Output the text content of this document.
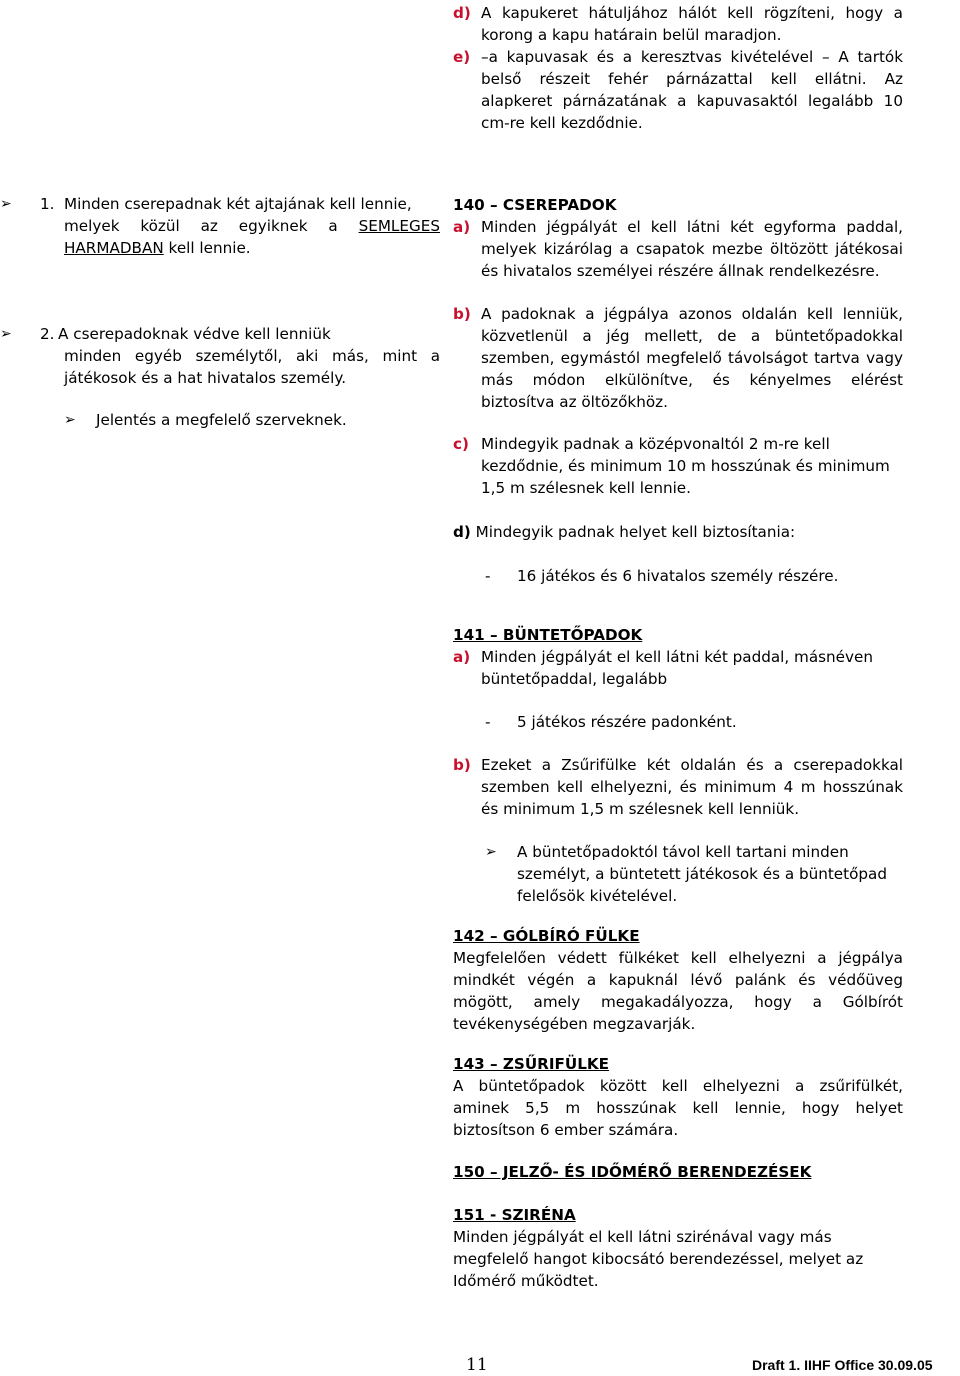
d) A kapukeret hátuljához hálót kell rögzíteni, hogy a

korong a kapu határain belül maradjon.

e) –a kapuvasak és a keresztvas kivételével – A tartók

belső részeit fehér párnázattal kell ellátni. Az

alapkeret párnázatának a kapuvasaktól legalább 10

cm-re kell kezdődnie.

➢ 1. Minden cserepadnak két ajtajának kell lennie,

melyek közül az egyiknek a SEMLEGES

HARMADBAN kell lennie.

➢ 2. A cserepadoknak védve kell lenniük

minden egyéb személytől, aki más, mint a

játékosok és a hat hivatalos személy.

➢ Jelentés a megfelelő szerveknek.

140 – CSEREPADOK

a) Minden jégpályát el kell látni két egyforma paddal,

melyek kizárólag a csapatok mezbe öltözött játékosai

és hivatalos személyei részére állnak rendelkezésre.

b) A padoknak a jégpálya azonos oldalán kell lenniük,

közvetlenül a jég mellett, de a büntetőpadokkal

szemben, egymástól megfelelő távolságot tartva vagy

más módon elkülönítve, és kényelmes elérést

biztosítva az öltözőkhöz.

c) Mindegyik padnak a középvonaltól 2 m-re kell

kezdődnie, és minimum 10 m hosszúnak és minimum

1,5 m szélesnek kell lennie.

d) Mindegyik padnak helyet kell biztosítania:

-	16 játékos és 6 hivatalos személy részére.

141 – BÜNTETŐPADOK

a) Minden jégpályát el kell látni két paddal, másnéven

büntetőpaddal, legalább

-	5 játékos részére padonként.

b) Ezeket a Zsűrifülke két oldalán és a cserepadokkal

szemben kell elhelyezni, és minimum 4 m hosszúnak

és minimum 1,5 m szélesnek kell lenniük.

➢	A büntetőpadoktól távol kell tartani minden

személyt, a büntetett játékosok és a büntetőpad

felelősök kivételével.

142 – GÓLBÍRÓ FÜLKE

Megfelelően védett fülkéket kell elhelyezni a jégpálya

mindkét végén a kapuknál lévő palánk és védőüveg

mögött, amely megakadályozza, hogy a Gólbírót

tevékenységében megzavarják.

143 – ZSŰRIFÜLKE

A büntetőpadok között kell elhelyezni a zsűrifülkét,

aminek 5,5 m hosszúnak kell lennie, hogy helyet

biztosítson 6 ember számára.

150 – JELZŐ- ÉS IDŐMÉRŐ BERENDEZÉSEK

151 - SZIRÉNA

Minden jégpályát el kell látni szirénával vagy más

megfelelő hangot kibocsátó berendezéssel, melyet az

Időmérő működtet.

11	Draft 1. IIHF Office 30.09.05
